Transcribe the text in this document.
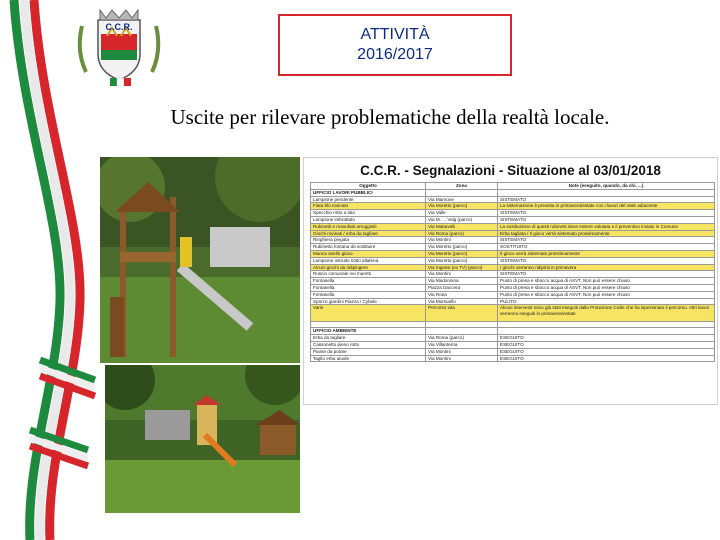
C.C.R.	ATTIVITÀ
2016/2017
Uscite per rilevare problematiche della realtà locale.
C.C.R. - Segnalazioni - Situazione al 03/01/2018
Oggetto	Zona	Note (eseguito, quando, da chi, ...)
UFFICIO LAVORI PUBBLICI		
Lampione pendente	Via Marnone	SISTEMATO
Fiata blù rovinato	Via Moretto (parco)	La sistemazione è prevista in primavera/estate con i lavori del viale adiacente
Specchio rotto a lato	Via Valle	SISTEMATO
Lampione imbrattato	Via M. ... Volg (parco)	SISTEMATO
Rubinetti e manufatti arrugginiti	Via Mattavelli	La sostituzione di questi rubinetti deve essere valutata e il preventivo inviato in Comune
Giochi rovinati / erba da tagliare	Via Roma (parco)	Erba tagliata / Il gioco verrà sistemato prossimamente
Ringhiera piegata	Via Montini	SISTEMATO
Rubinetto fontana da sostituire	Via Moretto (parco)	SOSTITUITO
Manca anello gioco	Via Moretto (parco)	Il gioco verrà sistemato prossimamente
Lampione ostruito sotto altalena	Via Moretto (parco)	SISTEMATO
Alcuni giochi da ridipingere	Via Ingessi (ex TV) (parco)	I giochi verranno ridipinti in primavera
Ruscio comunale nei muretti	Via Montini	SISTEMATO
Fontanella	Via Madonnina	Punto di presa e sbocco acqua di ASVT, Non può essere chiuso
Fontanella	Piazza Daccera	Punto di presa e sbocco acqua di ASVT, Non può essere chiuso
Fontanella	Via Roea	Punto di presa e sbocco acqua di ASVT, Non può essere chiuso
Sporco giardini Piazza / Cybele	Via Morsuello	PULITO
Varie	Percorso vita	Alcuni interventi sono già stati eseguiti dalla Protezione Civile che ha ispezionato il percorso. Altri lavori verranno eseguiti in primavera/estate

UFFICIO AMBIENTE		
Erba da tagliare	Via Roma (parco)	ESEGUITO
Cassonetto pieno rotto	Via Villanterna	ESEGUITO
Piante da potare	Via Montini	ESEGUITO
Taglio erba aiuole	Via Montini	ESEGUITO
